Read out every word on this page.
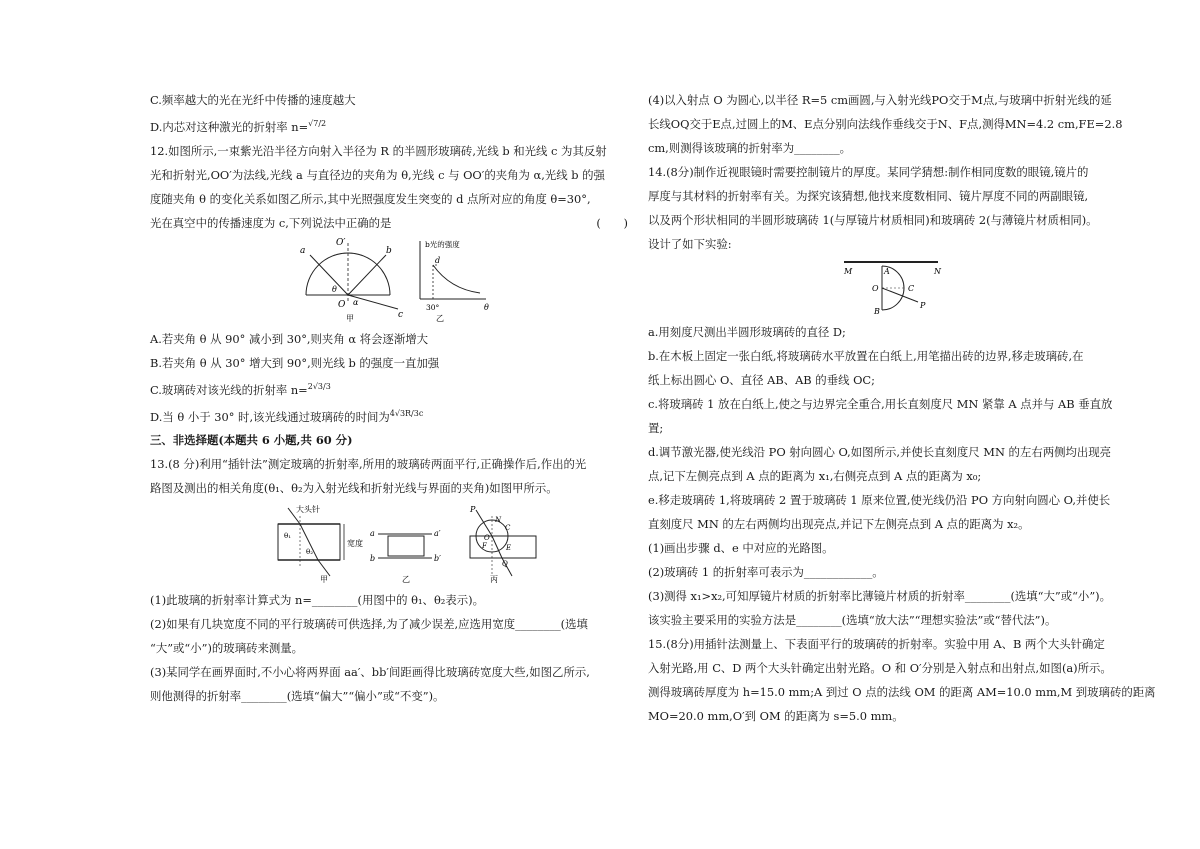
C.频率越大的光在光纤中传播的速度越大

D.内芯对这种激光的折射率 n=$^{√7/2}$

12.如图所示,一束紫光沿半径方向射入半径为 R 的半圆形玻璃砖,光线 b 和光线 c 为其反射

光和折射光,OO′为法线,光线 a 与直径边的夹角为 θ,光线 c 与 OO′的夹角为 α,光线 b 的强

度随夹角 θ 的变化关系如图乙所示,其中光照强度发生突变的 d 点所对应的角度 θ=30°,

光在真空中的传播速度为 c,下列说法中正确的是	(　　)

a	b
c
O
O′
θ
α
甲
b光的强度
d
30°	θ
乙

A.若夹角 θ 从 90° 减小到 30°,则夹角 α 将会逐渐增大

B.若夹角 θ 从 30° 增大到 90°,则光线 b 的强度一直加强

C.玻璃砖对该光线的折射率 n=$^{2√3/3}$

D.当 θ 小于 30° 时,该光线通过玻璃砖的时间为$^{4√3R/3c}$

三、非选择题(本题共 6 小题,共 60 分)

13.(8 分)利用“插针法”测定玻璃的折射率,所用的玻璃砖两面平行,正确操作后,作出的光

路图及测出的相关角度(θ₁、θ₂为入射光线和折射光线与界面的夹角)如图甲所示。

大头针
宽度
θ₁
θ₂
甲
a	a′
b	b′
乙
P
N
C
F	E
Q
O
丙

(1)此玻璃的折射率计算式为 n=________(用图中的 θ₁、θ₂表示)。

(2)如果有几块宽度不同的平行玻璃砖可供选择,为了减少误差,应选用宽度________(选填

“大”或“小”)的玻璃砖来测量。

(3)某同学在画界面时,不小心将两界面 aa′、bb′间距画得比玻璃砖宽度大些,如图乙所示,

则他测得的折射率________(选填“偏大”“偏小”或“不变”)。

(4)以入射点 O 为圆心,以半径 R=5 cm画圆,与入射光线PO交于M点,与玻璃中折射光线的延

长线OQ交于E点,过圆上的M、E点分别向法线作垂线交于N、F点,测得MN=4.2 cm,FE=2.8

cm,则测得该玻璃的折射率为________。

14.(8分)制作近视眼镜时需要控制镜片的厚度。某同学猜想:制作相同度数的眼镜,镜片的

厚度与其材料的折射率有关。为探究该猜想,他找来度数相同、镜片厚度不同的两副眼镜,

以及两个形状相同的半圆形玻璃砖 1(与厚镜片材质相同)和玻璃砖 2(与薄镜片材质相同)。

设计了如下实验:

M	N
A
O	C
P
B

a.用刻度尺测出半圆形玻璃砖的直径 D;

b.在木板上固定一张白纸,将玻璃砖水平放置在白纸上,用笔描出砖的边界,移走玻璃砖,在

纸上标出圆心 O、直径 AB、AB 的垂线 OC;

c.将玻璃砖 1 放在白纸上,使之与边界完全重合,用长直刻度尺 MN 紧靠 A 点并与 AB 垂直放

置;

d.调节激光器,使光线沿 PO 射向圆心 O,如图所示,并使长直刻度尺 MN 的左右两侧均出现亮

点,记下左侧亮点到 A 点的距离为 x₁,右侧亮点到 A 点的距离为 x₀;

e.移走玻璃砖 1,将玻璃砖 2 置于玻璃砖 1 原来位置,使光线仍沿 PO 方向射向圆心 O,并使长

直刻度尺 MN 的左右两侧均出现亮点,并记下左侧亮点到 A 点的距离为 x₂。

(1)画出步骤 d、e 中对应的光路图。

(2)玻璃砖 1 的折射率可表示为____________。

(3)测得 x₁>x₂,可知厚镜片材质的折射率比薄镜片材质的折射率________(选填“大”或“小”)。

该实验主要采用的实验方法是________(选填“放大法”“理想实验法”或“替代法”)。

15.(8分)用插针法测量上、下表面平行的玻璃砖的折射率。实验中用 A、B 两个大头针确定

入射光路,用 C、D 两个大头针确定出射光路。O 和 O′分别是入射点和出射点,如图(a)所示。

测得玻璃砖厚度为 h=15.0 mm;A 到过 O 点的法线 OM 的距离 AM=10.0 mm,M 到玻璃砖的距离

MO=20.0 mm,O′到 OM 的距离为 s=5.0 mm。
